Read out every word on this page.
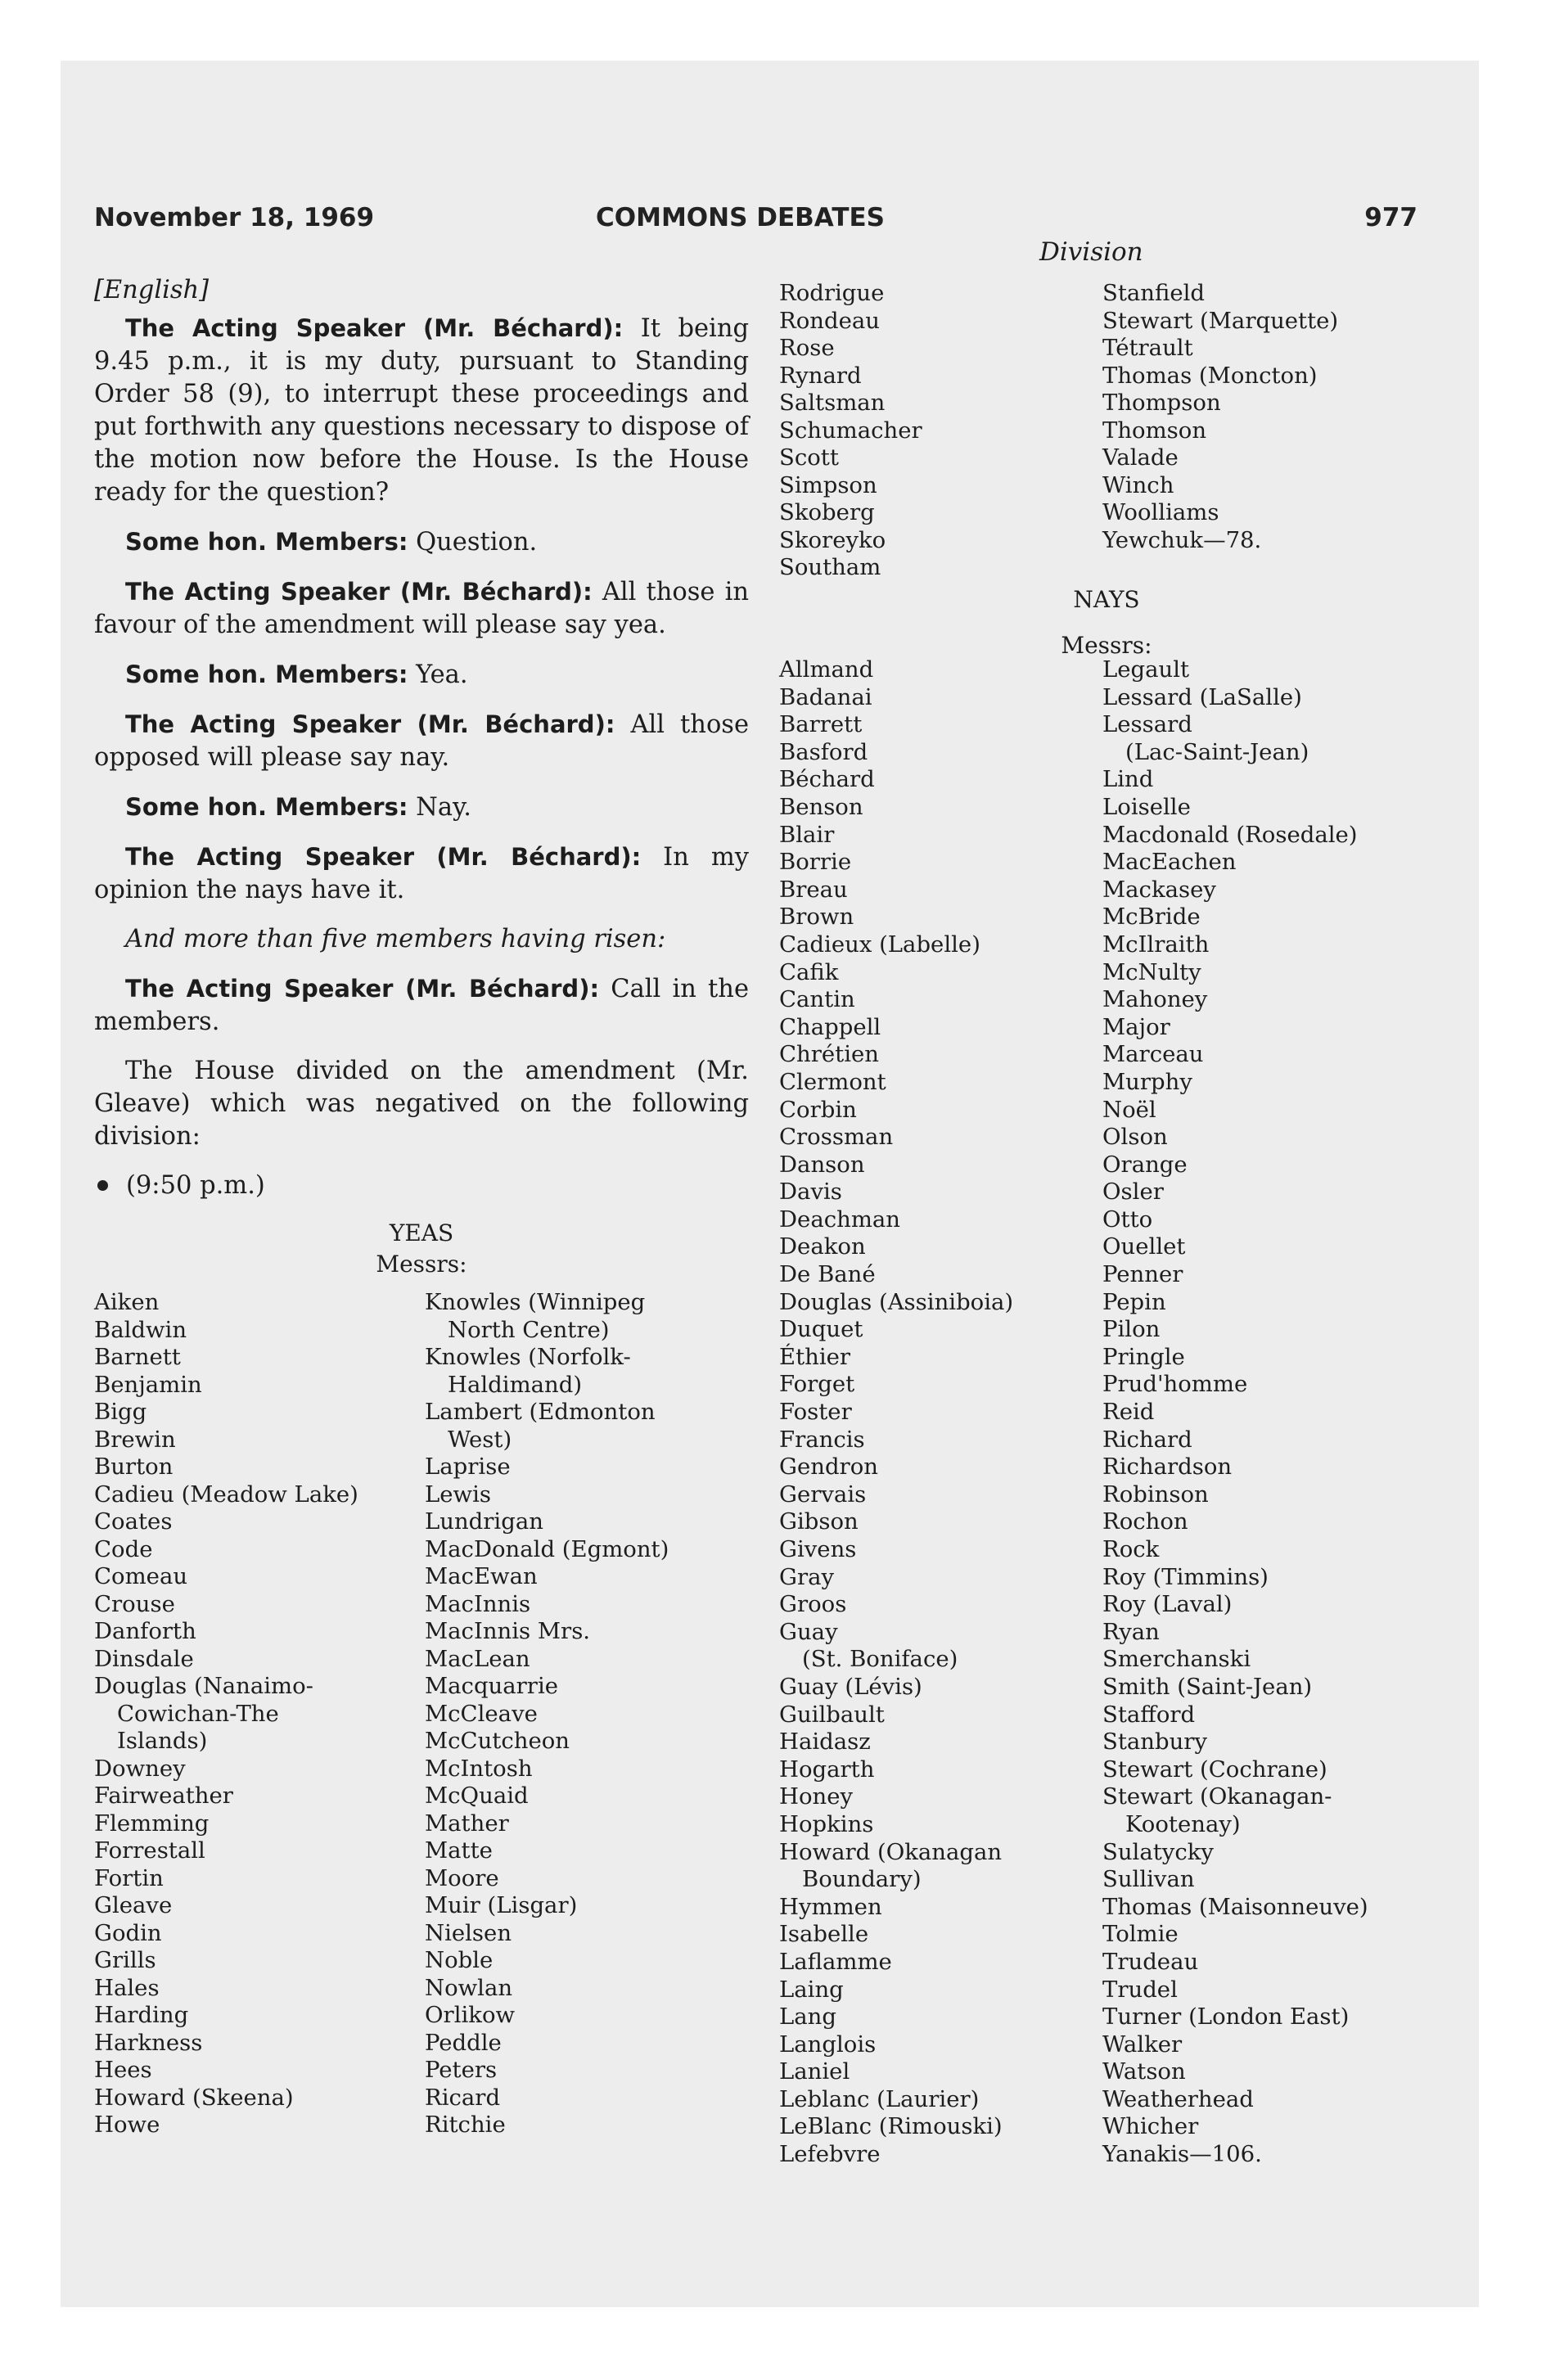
November 18, 1969	COMMONS DEBATES	977

[English]

The Acting Speaker (Mr. Béchard): It being 9.45 p.m., it is my duty, pursuant to Standing Order 58 (9), to interrupt these proceedings and put forthwith any questions necessary to dispose of the motion now before the House. Is the House ready for the question?

Some hon. Members: Question.

The Acting Speaker (Mr. Béchard): All those in favour of the amendment will please say yea.

Some hon. Members: Yea.

The Acting Speaker (Mr. Béchard): All those opposed will please say nay.

Some hon. Members: Nay.

The Acting Speaker (Mr. Béchard): In my opinion the nays have it.

And more than five members having risen:

The Acting Speaker (Mr. Béchard): Call in the members.

The House divided on the amendment (Mr. Gleave) which was negatived on the following division:

(9:50 p.m.)

YEAS
Messrs:
Aiken
Baldwin
Barnett
Benjamin
Bigg
Brewin
Burton
Cadieu (Meadow Lake)
Coates
Code
Comeau
Crouse
Danforth
Dinsdale
Douglas (Nanaimo-
Cowichan-The
Islands)
Downey
Fairweather
Flemming
Forrestall
Fortin
Gleave
Godin
Grills
Hales
Harding
Harkness
Hees
Howard (Skeena)
Howe
Knowles (Winnipeg
North Centre)
Knowles (Norfolk-
Haldimand)
Lambert (Edmonton
West)
Laprise
Lewis
Lundrigan
MacDonald (Egmont)
MacEwan
MacInnis
MacInnis Mrs.
MacLean
Macquarrie
McCleave
McCutcheon
McIntosh
McQuaid
Mather
Matte
Moore
Muir (Lisgar)
Nielsen
Noble
Nowlan
Orlikow
Peddle
Peters
Ricard
Ritchie
Division
Rodrigue
Rondeau
Rose
Rynard
Saltsman
Schumacher
Scott
Simpson
Skoberg
Skoreyko
Southam
Stanfield
Stewart (Marquette)
Tétrault
Thomas (Moncton)
Thompson
Thomson
Valade
Winch
Woolliams
Yewchuk—78.
NAYS
Messrs:
Allmand
Badanai
Barrett
Basford
Béchard
Benson
Blair
Borrie
Breau
Brown
Cadieux (Labelle)
Cafik
Cantin
Chappell
Chrétien
Clermont
Corbin
Crossman
Danson
Davis
Deachman
Deakon
De Bané
Douglas (Assiniboia)
Duquet
Éthier
Forget
Foster
Francis
Gendron
Gervais
Gibson
Givens
Gray
Groos
Guay
(St. Boniface)
Guay (Lévis)
Guilbault
Haidasz
Hogarth
Honey
Hopkins
Howard (Okanagan
Boundary)
Hymmen
Isabelle
Laflamme
Laing
Lang
Langlois
Laniel
Leblanc (Laurier)
LeBlanc (Rimouski)
Lefebvre
Legault
Lessard (LaSalle)
Lessard
(Lac-Saint-Jean)
Lind
Loiselle
Macdonald (Rosedale)
MacEachen
Mackasey
McBride
McIlraith
McNulty
Mahoney
Major
Marceau
Murphy
Noël
Olson
Orange
Osler
Otto
Ouellet
Penner
Pepin
Pilon
Pringle
Prud'homme
Reid
Richard
Richardson
Robinson
Rochon
Rock
Roy (Timmins)
Roy (Laval)
Ryan
Smerchanski
Smith (Saint-Jean)
Stafford
Stanbury
Stewart (Cochrane)
Stewart (Okanagan-
Kootenay)
Sulatycky
Sullivan
Thomas (Maisonneuve)
Tolmie
Trudeau
Trudel
Turner (London East)
Walker
Watson
Weatherhead
Whicher
Yanakis—106.
